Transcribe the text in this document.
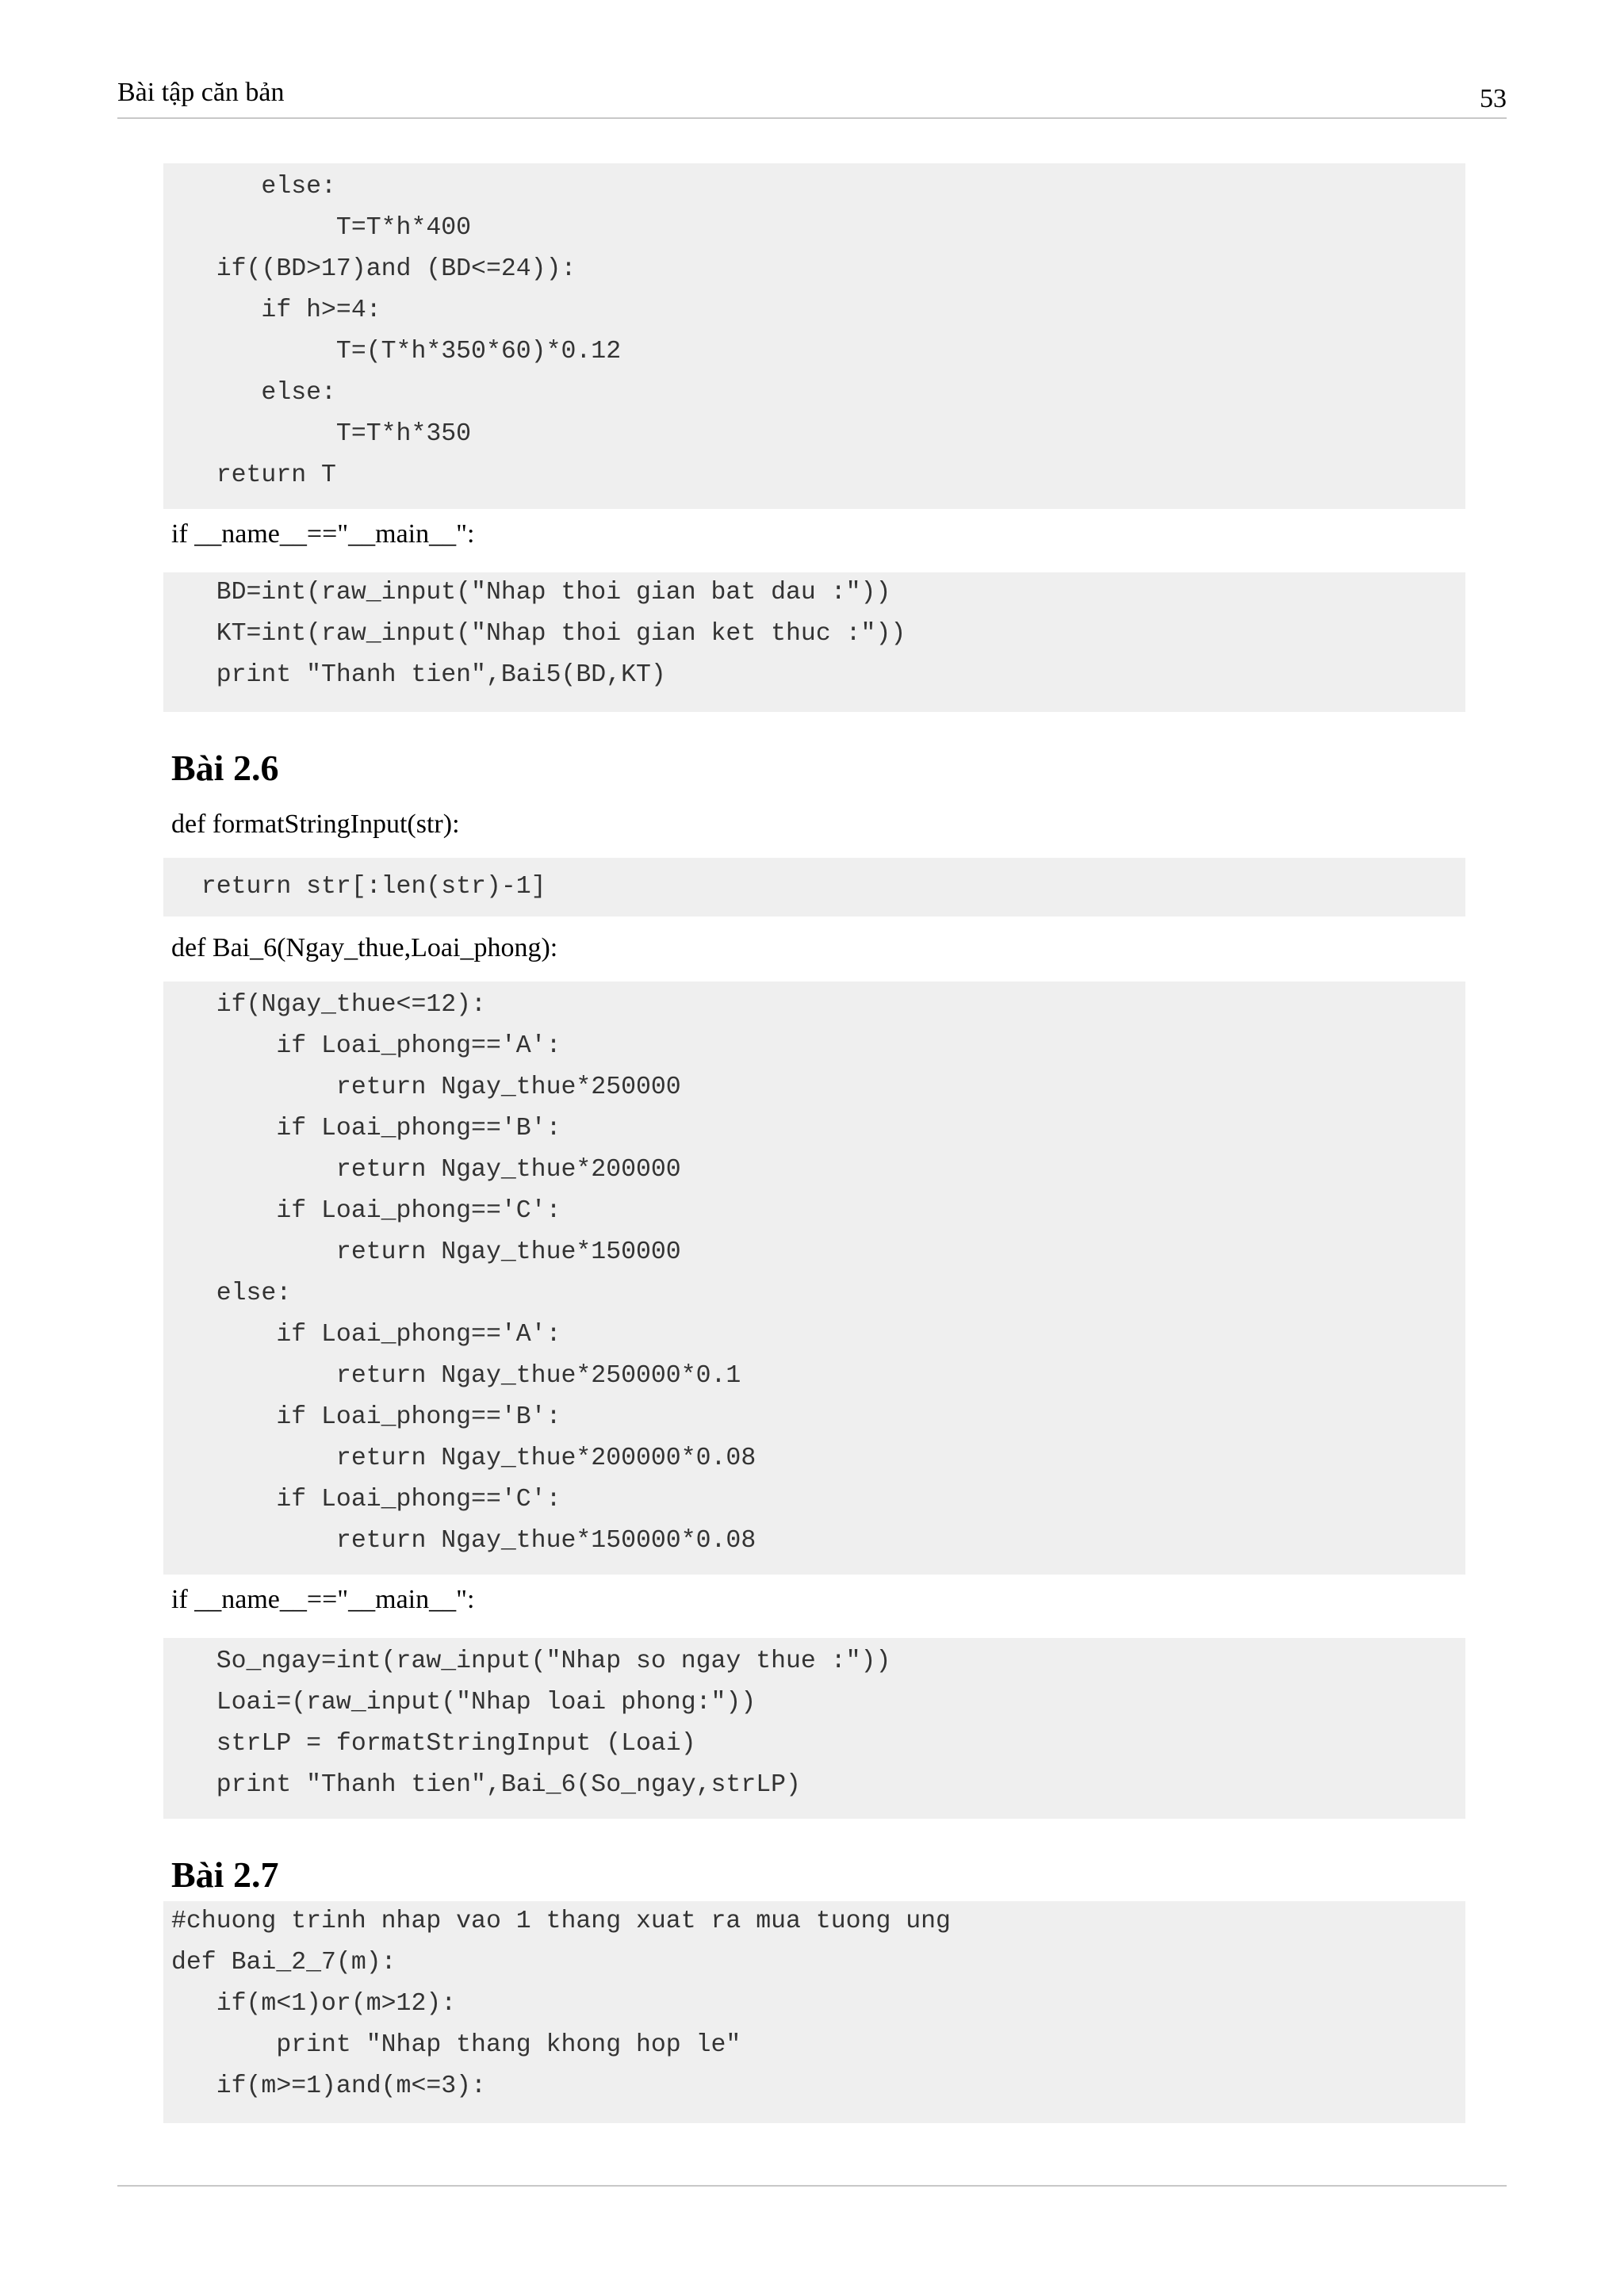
Bài tập căn bản	53
else:
T=T*h*400
if((BD>17)and (BD<=24)):
if h>=4:
T=(T*h*350*60)*0.12
else:
T=T*h*350
return T
if __name__=="__main__":
BD=int(raw_input("Nhap thoi gian bat dau :"))
KT=int(raw_input("Nhap thoi gian ket thuc :"))
print "Thanh tien",Bai5(BD,KT)
Bài 2.6
def formatStringInput(str):
return str[:len(str)-1]
def Bai_6(Ngay_thue,Loai_phong):
if(Ngay_thue<=12):
if Loai_phong=='A':
return Ngay_thue*250000
if Loai_phong=='B':
return Ngay_thue*200000
if Loai_phong=='C':
return Ngay_thue*150000
else:
if Loai_phong=='A':
return Ngay_thue*250000*0.1
if Loai_phong=='B':
return Ngay_thue*200000*0.08
if Loai_phong=='C':
return Ngay_thue*150000*0.08
if __name__=="__main__":
So_ngay=int(raw_input("Nhap so ngay thue :"))
Loai=(raw_input("Nhap loai phong:"))
strLP = formatStringInput (Loai)
print "Thanh tien",Bai_6(So_ngay,strLP)
Bài 2.7
#chuong trinh nhap vao 1 thang xuat ra mua tuong ung
def Bai_2_7(m):
if(m<1)or(m>12):
print "Nhap thang khong hop le"
if(m>=1)and(m<=3):
